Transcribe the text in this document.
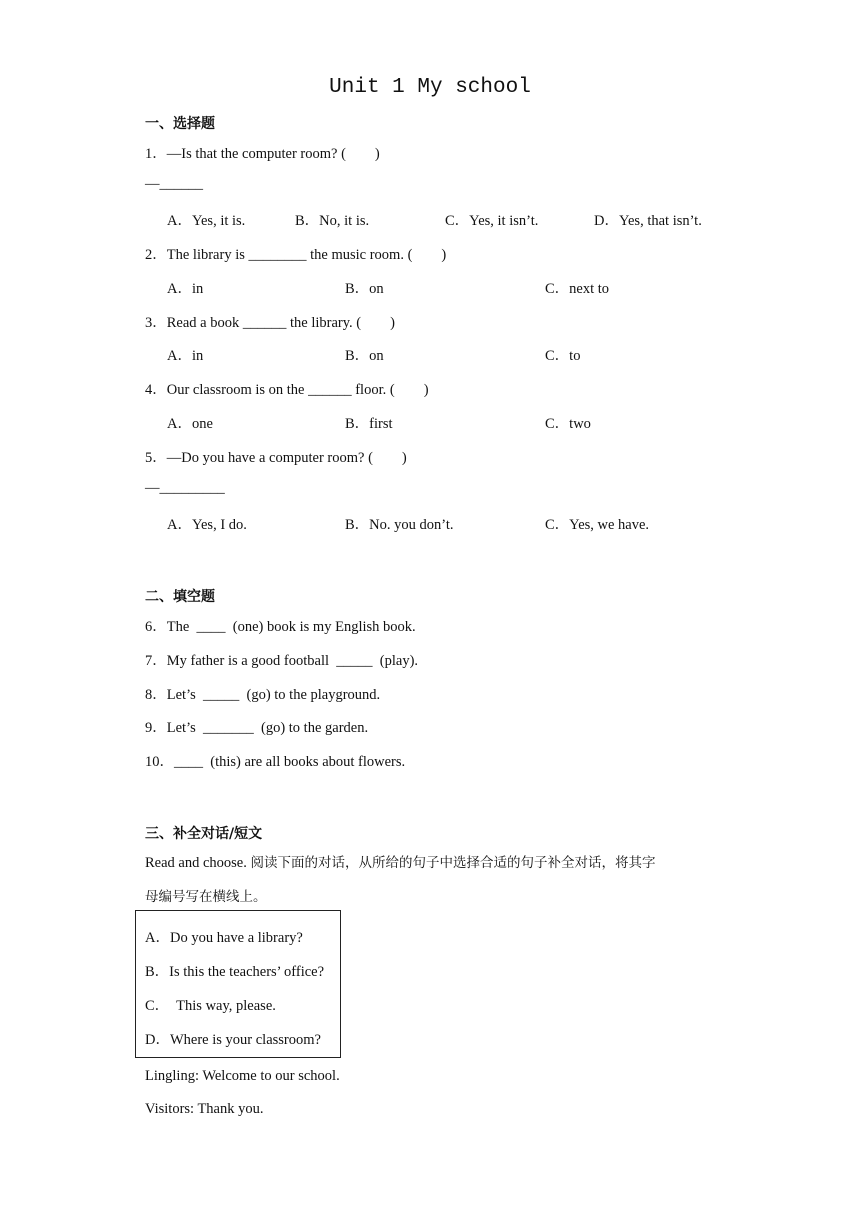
Unit 1 My school
一、选择题
1．—Is that the computer room? (　　)
—______
A．Yes, it is.	B．No, it is.	C．Yes, it isn’t.	D．Yes, that isn’t.
2．The library is ________ the music room. (　　)
A．in	B．on	C．next to
3．Read a book ______ the library. (　　)
A．in	B．on	C．to
4．Our classroom is on the ______ floor. (　　)
A．one	B．first	C．two
5．—Do you have a computer room? (　　)
—_________
A．Yes, I do.	B．No. you don’t.	C．Yes, we have.
二、填空题
6．The  ____  (one) book is my English book.
7．My father is a good football  _____  (play).
8．Let’s  _____  (go) to the playground.
9．Let’s  _______  (go) to the garden.
10．____  (this) are all books about flowers.
三、补全对话/短文
Read and choose. 阅读下面的对话，从所给的句子中选择合适的句子补全对话，将其字
母编号写在横线上。
A．Do you have a library?
B．Is this the teachers’ office?
C．  This way, please.
D．Where is your classroom?
Lingling: Welcome to our school.
Visitors: Thank you.
